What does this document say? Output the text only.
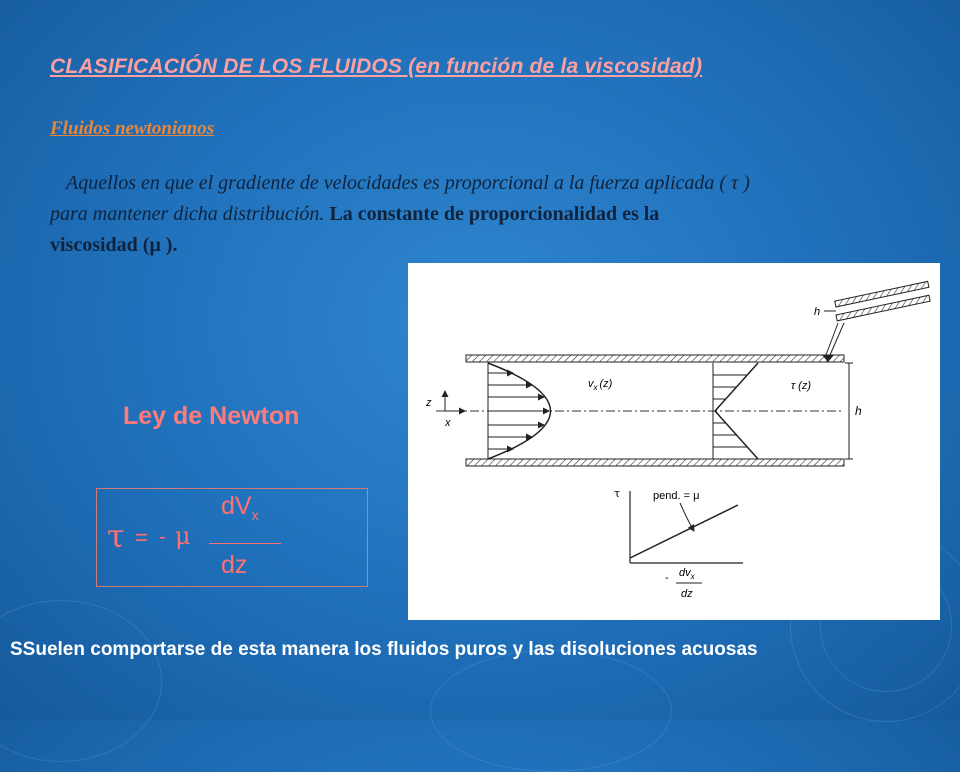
CLASIFICACIÓN DE LOS FLUIDOS (en función de la viscosidad)
Fluidos newtonianos
Aquellos en que el gradiente de velocidades es proporcional a la fuerza aplicada ( τ ) para mantener dicha distribución. La constante de proporcionalidad es la viscosidad (μ ).
Ley de Newton
τ = - μ
$dV_x$
dz
z
x
$v_x$ (z)	τ (z)
h
h
τ	pend. = μ
- $dv_x$
dz
SSuelen comportarse de esta manera los fluidos puros y las disoluciones acuosas
